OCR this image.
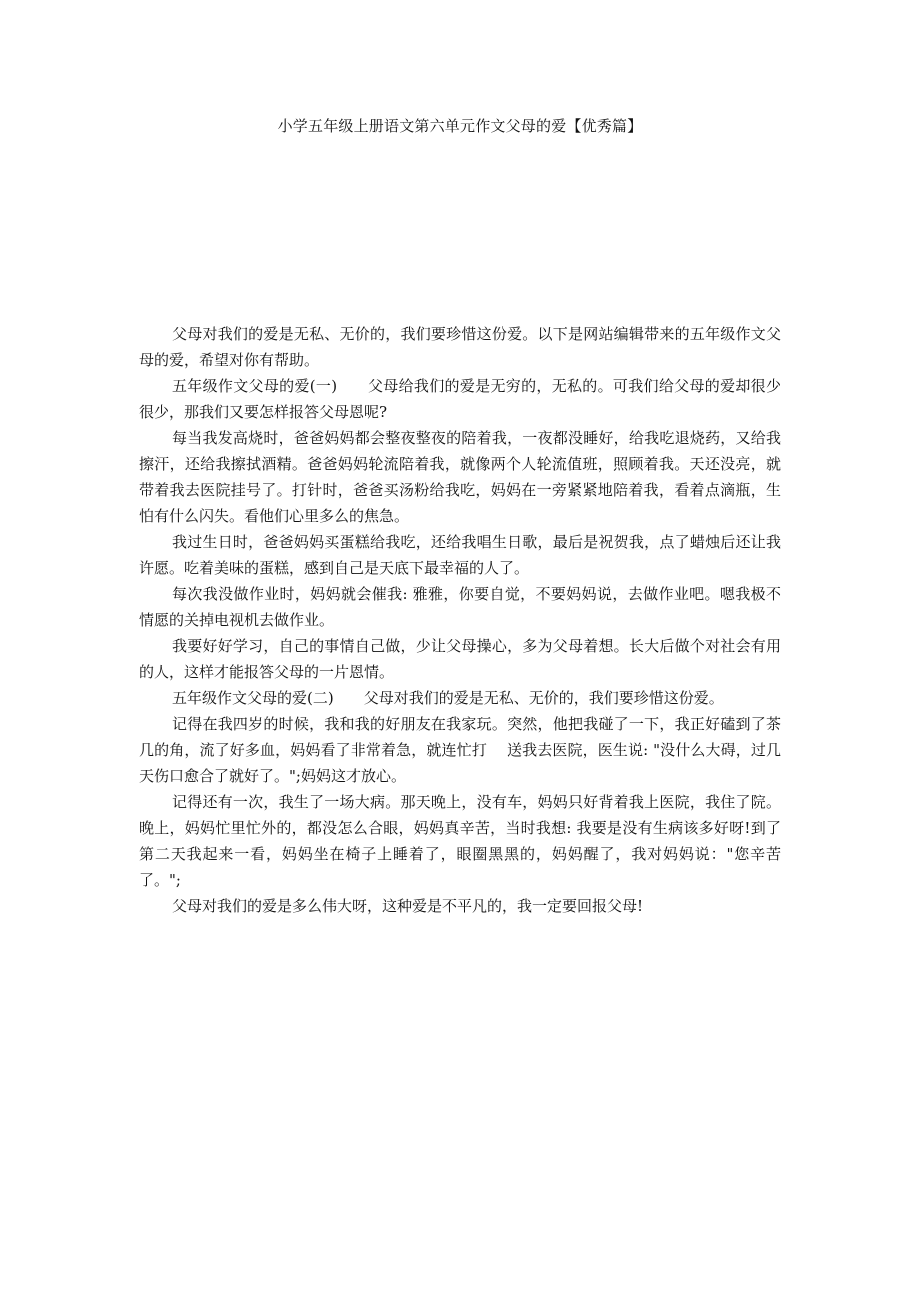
小学五年级上册语文第六单元作文父母的爱【优秀篇】

父母对我们的爱是无私、无价的，我们要珍惜这份爱。以下是网站编辑带来的五年级作文父母的爱，希望对你有帮助。

五年级作文父母的爱(一)　　父母给我们的爱是无穷的，无私的。可我们给父母的爱却很少很少，那我们又要怎样报答父母恩呢?

每当我发高烧时，爸爸妈妈都会整夜整夜的陪着我，一夜都没睡好，给我吃退烧药，又给我擦汗，还给我擦拭酒精。爸爸妈妈轮流陪着我，就像两个人轮流值班，照顾着我。天还没亮，就带着我去医院挂号了。打针时，爸爸买汤粉给我吃，妈妈在一旁紧紧地陪着我，看着点滴瓶，生怕有什么闪失。看他们心里多么的焦急。

我过生日时，爸爸妈妈买蛋糕给我吃，还给我唱生日歌，最后是祝贺我，点了蜡烛后还让我许愿。吃着美味的蛋糕，感到自己是天底下最幸福的人了。

每次我没做作业时，妈妈就会催我: 雅雅，你要自觉，不要妈妈说，去做作业吧。嗯我极不情愿的关掉电视机去做作业。

我要好好学习，自己的事情自己做，少让父母操心，多为父母着想。长大后做个对社会有用的人，这样才能报答父母的一片恩情。

五年级作文父母的爱(二)　　父母对我们的爱是无私、无价的，我们要珍惜这份爱。

记得在我四岁的时候，我和我的好朋友在我家玩。突然，他把我碰了一下，我正好磕到了茶几的角，流了好多血，妈妈看了非常着急，就连忙打　 送我去医院，医生说: "没什么大碍，过几天伤口愈合了就好了。";妈妈这才放心。

记得还有一次，我生了一场大病。那天晚上，没有车，妈妈只好背着我上医院，我住了院。晚上，妈妈忙里忙外的，都没怎么合眼，妈妈真辛苦，当时我想: 我要是没有生病该多好呀!到了第二天我起来一看，妈妈坐在椅子上睡着了，眼圈黑黑的，妈妈醒了，我对妈妈说："您辛苦了。";

父母对我们的爱是多么伟大呀，这种爱是不平凡的，我一定要回报父母!
